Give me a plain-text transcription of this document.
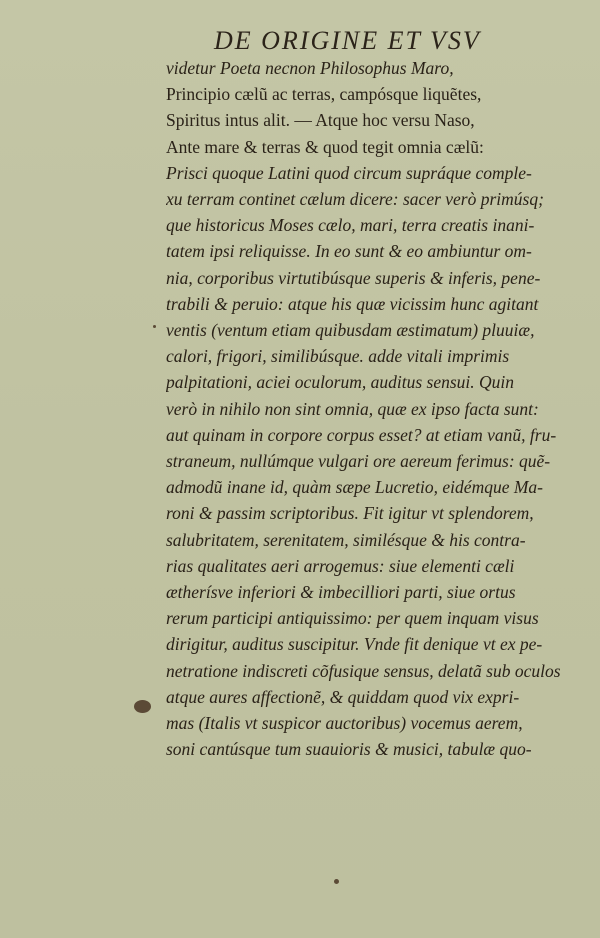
DE ORIGINE ET VSV
videtur Poeta necnon Philosophus Maro,
Principio cælũ ac terras, campósque liquẽtes,
Spiritus intus alit. — Atque hoc versu Naso,
Ante mare & terras & quod tegit omnia cælũ:
Prisci quoque Latini quod circum supráque comple-
xu terram continet cælum dicere: sacer verò primúsq;
que historicus Moses cælo, mari, terra creatis inani-
tatem ipsi reliquisse. In eo sunt & eo ambiuntur om-
nia, corporibus virtutibúsque superis & inferis, pene-
trabili & peruio: atque his quæ vicissim hunc agitant
ventis (ventum etiam quibusdam æstimatum) pluuiæ,
calori, frigori, similibúsque. adde vitali imprimis
palpitationi, aciei oculorum, auditus sensui. Quin
verò in nihilo non sint omnia, quæ ex ipso facta sunt:
aut quinam in corpore corpus esset? at etiam vanũ, fru-
straneum, nullúmque vulgari ore aereum ferimus: quẽ-
admodũ inane id, quàm sæpe Lucretio, eidémque Ma-
roni & passim scriptoribus. Fit igitur vt splendorem,
salubritatem, serenitatem, similésque & his contra-
rias qualitates aeri arrogemus: siue elementi cæli
ætherísve inferiori & imbecilliori parti, siue ortus
rerum participi antiquissimo: per quem inquam visus
dirigitur, auditus suscipitur. Vnde fit denique vt ex pe-
netratione indiscreti cõfusique sensus, delatã sub oculos
atque aures affectionẽ, & quiddam quod vix expri-
mas (Italis vt suspicor auctoribus) vocemus aerem,
soni cantúsque tum suauioris & musici, tabulæ quo-
